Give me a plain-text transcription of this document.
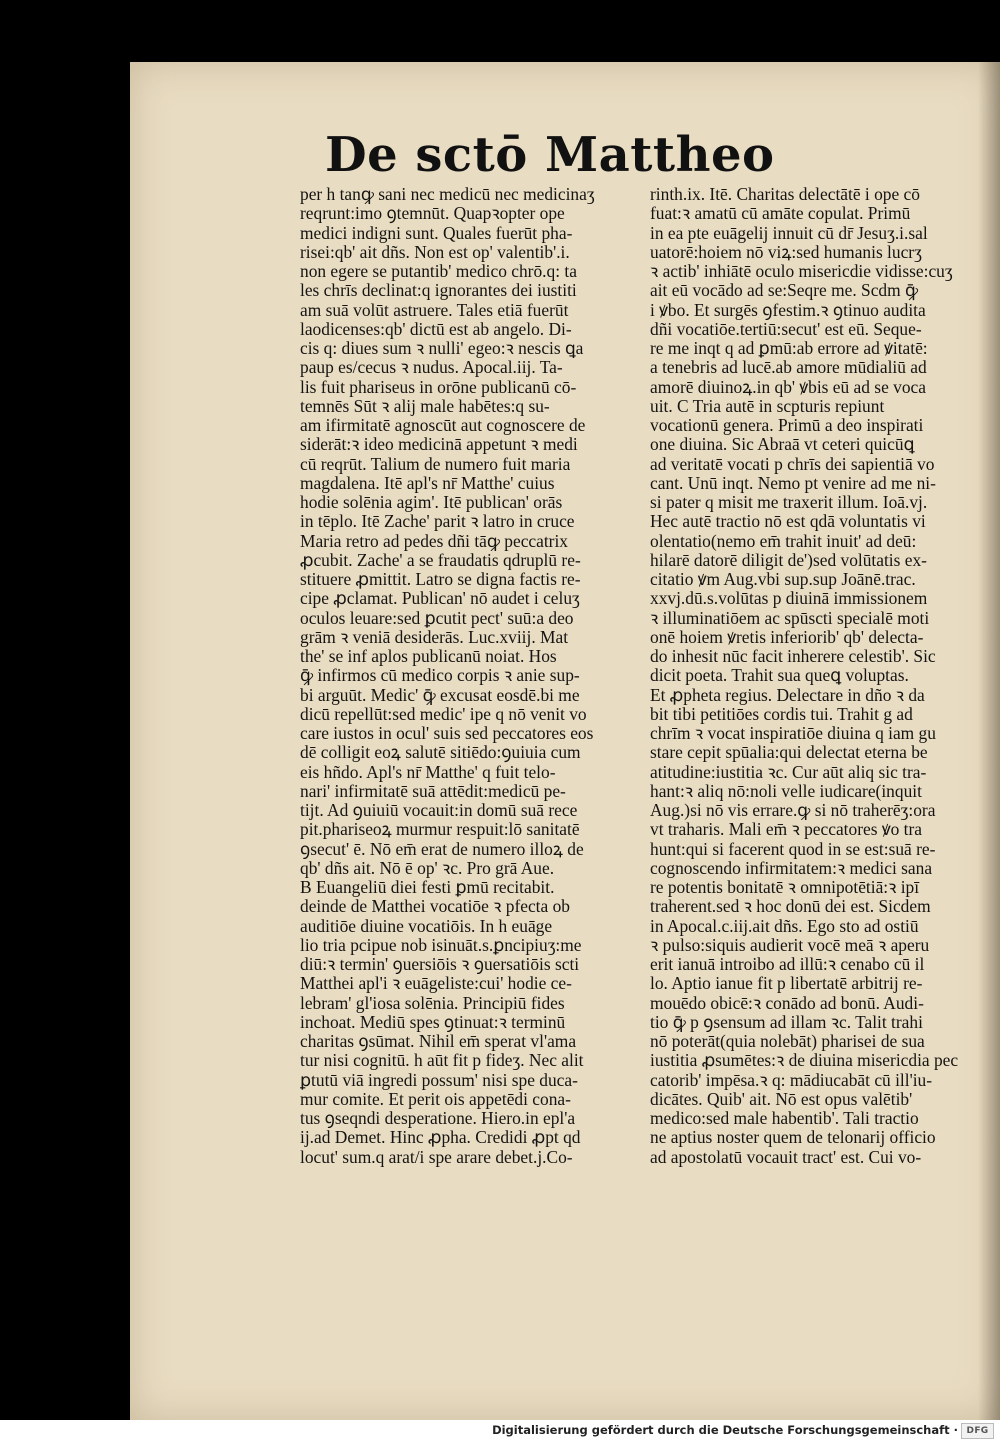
De sctō Mattheo
per h tanꝙ sani nec medicū nec medicinaʒ
reqrunt:imo ꝯtemnūt. Quapꝛopter ope
medici indigni sunt. Quales fuerūt pha-
risei:qb' ait dñs. Non est op' valentib'.i.
non egere se putantib' medico chrō.q: ta
les chrīs declinat:q ignorantes dei iustiti
am suā volūt astruere. Tales etiā fuerūt
laodicenses:qb' dictū est ab angelo. Di-
cis q: diues sum ꝛ nulli' egeo:ꝛ nescis ꝗa
paup es/cecus ꝛ nudus. Apocal.iij. Ta-
lis fuit phariseus in orōne publicanū cō-
temnēs Sūt ꝛ alij male habētes:q su-
am ifirmitatē agnoscūt aut cognoscere de
siderāt:ꝛ ideo medicinā appetunt ꝛ medi
cū reqrūt. Talium de numero fuit maria
magdalena. Itē apl's nr̄ Matthe' cuius
hodie solēnia agim'. Itē publican' orās
in tēplo. Itē Zache' parit ꝛ latro in cruce
Maria retro ad pedes dñi tāꝙ peccatrix
ꝓcubit. Zache' a se fraudatis qdruplū re-
stituere ꝓmittit. Latro se digna factis re-
cipe ꝓclamat. Publican' nō audet i celuʒ
oculos leuare:sed ꝑcutit pect' suū:a deo
grām ꝛ veniā desiderās. Luc.xviij. Mat
the' se inf aplos publicanū noiat. Hos
ꝙ̄ infirmos cū medico corpis ꝛ anie sup-
bi arguūt. Medic' ꝙ̄ excusat eosdē.bi me
dicū repellūt:sed medic' ipe q nō venit vo
care iustos in ocul' suis sed peccatores eos
dē colligit eoꝝ salutē sitiēdo:ꝯuiuia cum
eis hñdo. Apl's nr̄ Matthe' q fuit telo-
nari' infirmitatē suā attēdit:medicū pe-
tijt. Ad ꝯuiuiū vocauit:in domū suā rece
pit.phariseoꝝ murmur respuit:lō sanitatē
ꝯsecut' ē. Nō em̄ erat de numero illoꝝ de
qb' dñs ait. Nō ē op' ꝛc. Pro grā Aue.
B Euangeliū diei festi ꝑmū recitabit.
deinde de Matthei vocatiōe ꝛ pfecta ob
auditiōe diuine vocatiōis. In h euāge
lio tria pcipue nob isinuāt.s.ꝑncipiuʒ:me
diū:ꝛ termin' ꝯuersiōis ꝛ ꝯuersatiōis scti
Matthei apl'i ꝛ euāgeliste:cui' hodie ce-
lebram' gl'iosa solēnia. Principiū fides
inchoat. Mediū spes ꝯtinuat:ꝛ terminū
charitas ꝯsūmat. Nihil em̄ sperat vl'ama
tur nisi cognitū. h aūt fit p fideʒ. Nec alit
ꝑtutū viā ingredi possum' nisi spe duca-
mur comite. Et perit ois appetēdi cona-
tus ꝯseqndi desperatione. Hiero.in epl'a
ij.ad Demet. Hinc ꝓpha. Credidi ꝓpt qd
locut' sum.q arat/i spe arare debet.j.Co-
rinth.ix. Itē. Charitas delectātē i ope cō
fuat:ꝛ amatū cū amāte copulat. Primū
in ea pte euāgelij innuit cū dr̄ Jesuʒ.i.sal
uatorē:hoiem nō viꝝ:sed humanis lucrʒ
ꝛ actib' inhiātē oculo misericdie vidisse:cuʒ
ait eū vocādo ad se:Seqre me. Scdm ꝙ̄
i ꝟbo. Et surgēs ꝯfestim.ꝛ ꝯtinuo audita
dñi vocatiōe.tertiū:secut' est eū. Seque-
re me inqt q ad ꝑmū:ab errore ad ꝟitatē:
a tenebris ad lucē.ab amore mūdialiū ad
amorē diuinoꝝ.in qb' ꝟbis eū ad se voca
uit. C Tria autē in scpturis repiunt
vocationū genera. Primū a deo inspirati
one diuina. Sic Abraā vt ceteri quicūꝗ
ad veritatē vocati p chrīs dei sapientiā vo
cant. Unū inqt. Nemo pt venire ad me ni-
si pater q misit me traxerit illum. Ioā.vj.
Hec autē tractio nō est qdā voluntatis vi
olentatio(nemo em̄ trahit inuit' ad deū:
hilarē datorē diligit de')sed volūtatis ex-
citatio ꝟm Aug.vbi sup.sup Joānē.trac.
xxvj.dū.s.volūtas p diuinā immissionem
ꝛ illuminatiōem ac spūscti specialē moti
onē hoiem ꝟretis inferiorib' qb' delecta-
do inhesit nūc facit inherere celestib'. Sic
dicit poeta. Trahit sua queꝗ voluptas.
Et ꝓpheta regius. Delectare in dño ꝛ da
bit tibi petitiōes cordis tui. Trahit g ad
chrīm ꝛ vocat inspiratiōe diuina q iam gu
stare cepit spūalia:qui delectat eterna be
atitudine:iustitia ꝛc. Cur aūt aliq sic tra-
hant:ꝛ aliq nō:noli velle iudicare(inquit
Aug.)si nō vis errare.ꝙ si nō traherēʒ:ora
vt traharis. Mali em̄ ꝛ peccatores ꝟo tra
hunt:qui si facerent quod in se est:suā re-
cognoscendo infirmitatem:ꝛ medici sana
re potentis bonitatē ꝛ omnipotētiā:ꝛ ipī
traherent.sed ꝛ hoc donū dei est. Sicdem
in Apocal.c.iij.ait dñs. Ego sto ad ostiū
ꝛ pulso:siquis audierit vocē meā ꝛ aperu
erit ianuā introibo ad illū:ꝛ cenabo cū il
lo. Aptio ianue fit p libertatē arbitrij re-
mouēdo obicē:ꝛ conādo ad bonū. Audi-
tio ꝙ̄ p ꝯsensum ad illam ꝛc. Talit trahi
nō poterāt(quia nolebāt) pharisei de sua
iustitia ꝓsumētes:ꝛ de diuina misericdia pec
catorib' impēsa.ꝛ q: mādiucabāt cū ill'iu-
dicātes. Quib' ait. Nō est opus valētib'
medico:sed male habentib'. Tali tractio
ne aptius noster quem de telonarij officio
ad apostolatū vocauit tract' est. Cui vo-
Digitalisierung gefördert durch die Deutsche Forschungsgemeinschaft · DFG
